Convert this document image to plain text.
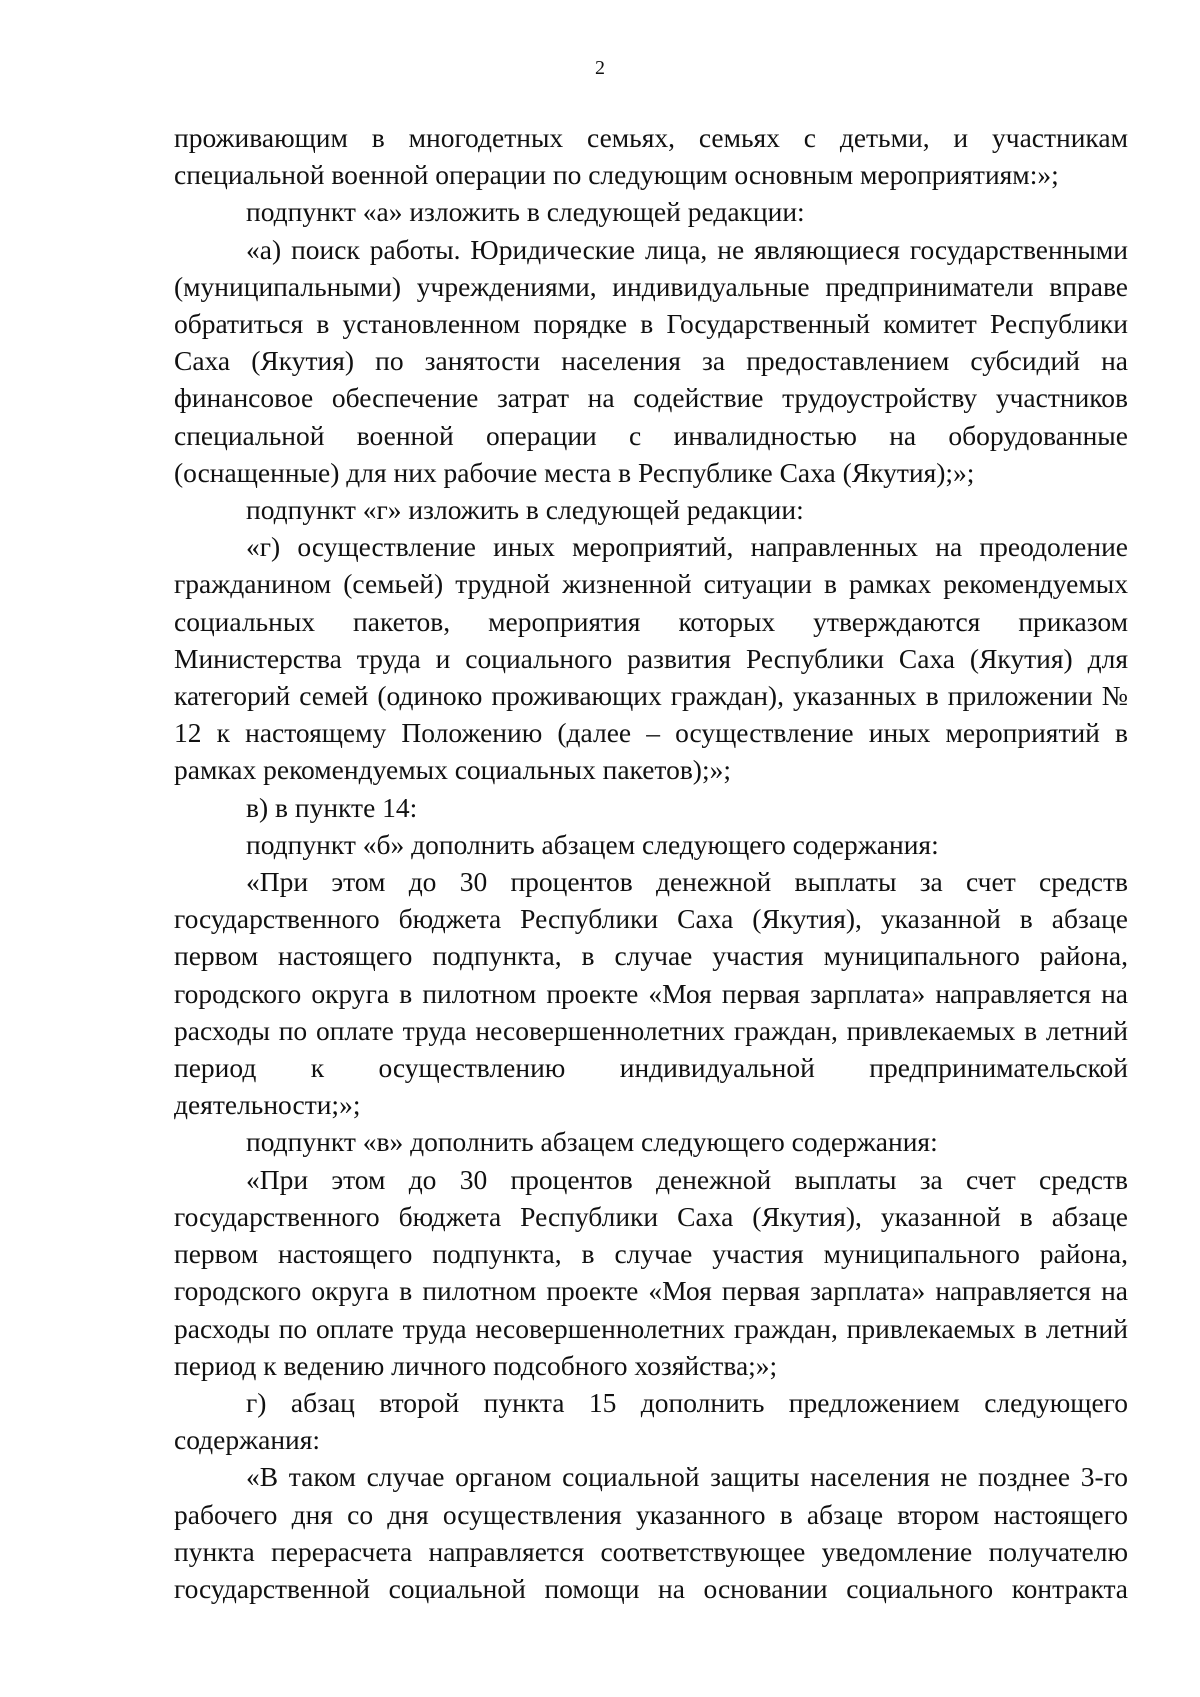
2

проживающим в многодетных семьях, семьях с детьми, и участникам специальной военной операции по следующим основным мероприятиям:»;

подпункт «а» изложить в следующей редакции:

«а) поиск работы. Юридические лица, не являющиеся государственными (муниципальными) учреждениями, индивидуальные предприниматели вправе обратиться в установленном порядке в Государственный комитет Республики Саха (Якутия) по занятости населения за предоставлением субсидий на финансовое обеспечение затрат на содействие трудоустройству участников специальной военной операции с инвалидностью на оборудованные (оснащенные) для них рабочие места в Республике Саха (Якутия);»;

подпункт «г» изложить в следующей редакции:

«г) осуществление иных мероприятий, направленных на преодоление гражданином (семьей) трудной жизненной ситуации в рамках рекомендуемых социальных пакетов, мероприятия которых утверждаются приказом Министерства труда и социального развития Республики Саха (Якутия) для категорий семей (одиноко проживающих граждан), указанных в приложении № 12 к настоящему Положению (далее – осуществление иных мероприятий в рамках рекомендуемых социальных пакетов);»;

в) в пункте 14:

подпункт «б» дополнить абзацем следующего содержания:

«При этом до 30 процентов денежной выплаты за счет средств государственного бюджета Республики Саха (Якутия), указанной в абзаце первом настоящего подпункта, в случае участия муниципального района, городского округа в пилотном проекте «Моя первая зарплата» направляется на расходы по оплате труда несовершеннолетних граждан, привлекаемых в летний период к осуществлению индивидуальной предпринимательской деятельности;»;

подпункт «в» дополнить абзацем следующего содержания:

«При этом до 30 процентов денежной выплаты за счет средств государственного бюджета Республики Саха (Якутия), указанной в абзаце первом настоящего подпункта, в случае участия муниципального района, городского округа в пилотном проекте «Моя первая зарплата» направляется на расходы по оплате труда несовершеннолетних граждан, привлекаемых в летний период к ведению личного подсобного хозяйства;»;

г) абзац второй пункта 15 дополнить предложением следующего содержания:

«В таком случае органом социальной защиты населения не позднее 3-го рабочего дня со дня осуществления указанного в абзаце втором настоящего пункта перерасчета направляется соответствующее уведомление получателю государственной социальной помощи на основании социального контракта
